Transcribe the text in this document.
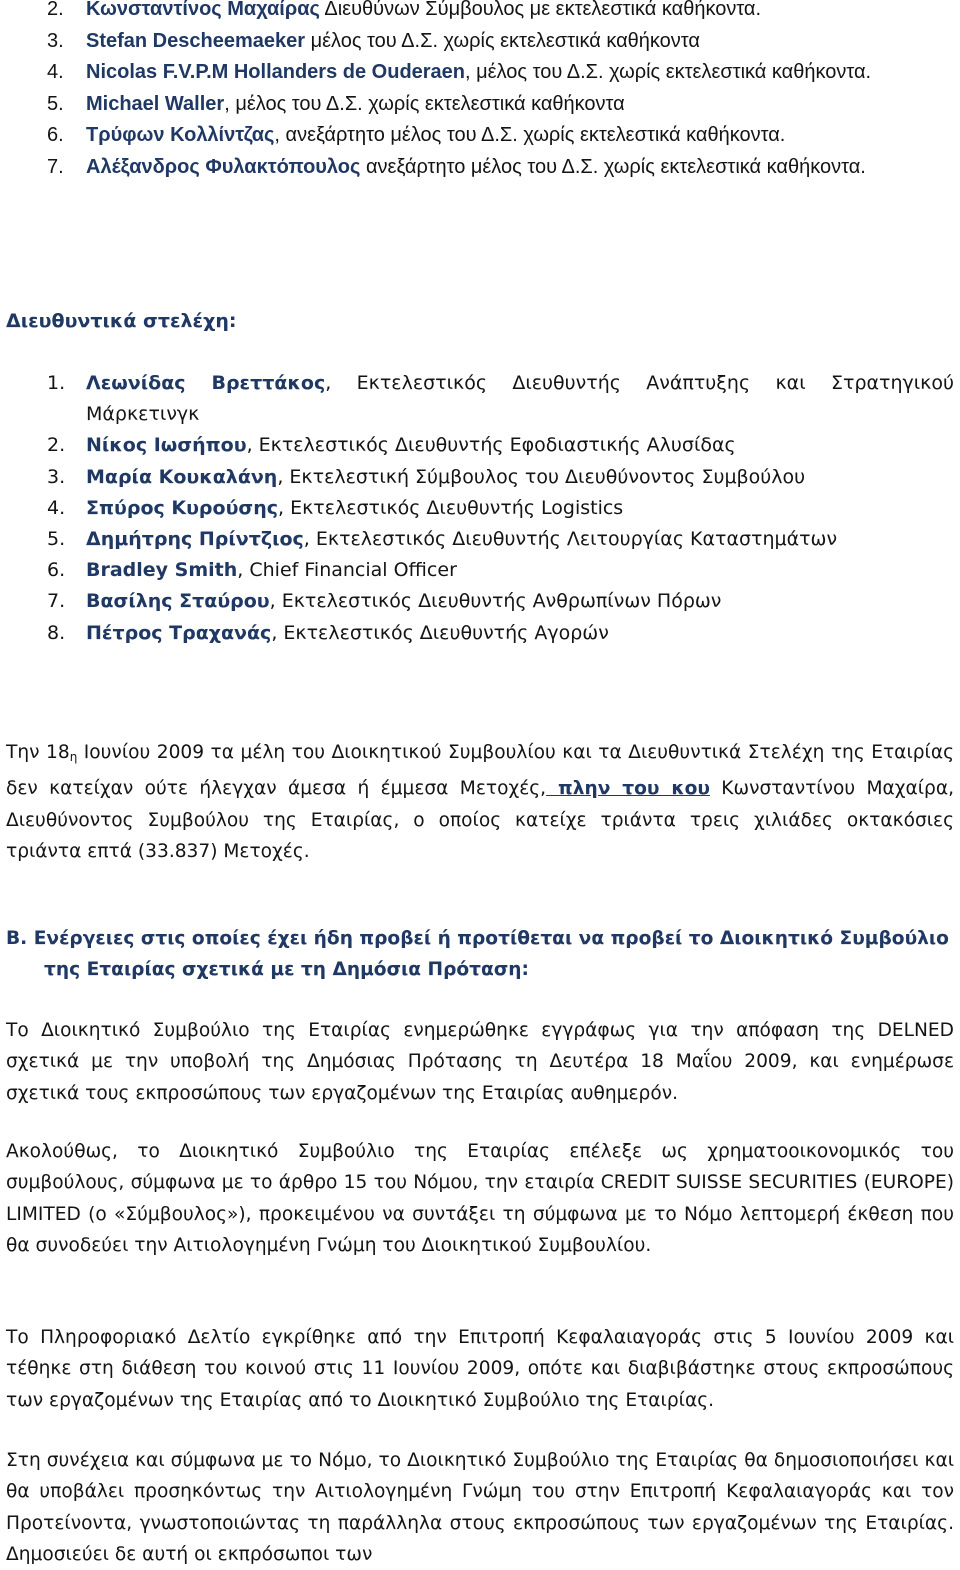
2. Κωνσταντίνος Μαχαίρας Διευθύνων Σύμβουλος με εκτελεστικά καθήκοντα.
3. Stefan Descheemaeker μέλος του Δ.Σ. χωρίς εκτελεστικά καθήκοντα
4. Nicolas F.V.P.M Hollanders de Ouderaen, μέλος του Δ.Σ. χωρίς εκτελεστικά καθήκοντα.
5. Michael Waller, μέλος του Δ.Σ. χωρίς εκτελεστικά καθήκοντα
6. Τρύφων Κολλίντζας, ανεξάρτητο μέλος του Δ.Σ. χωρίς εκτελεστικά καθήκοντα.
7. Αλέξανδρος Φυλακτόπουλος ανεξάρτητο μέλος του Δ.Σ. χωρίς εκτελεστικά καθήκοντα.
Διευθυντικά στελέχη:
1. Λεωνίδας Βρεττάκος, Εκτελεστικός Διευθυντής Ανάπτυξης και Στρατηγικού Μάρκετινγκ
2. Νίκος Ιωσήπου, Εκτελεστικός Διευθυντής Εφοδιαστικής Αλυσίδας
3. Μαρία Κουκαλάνη, Εκτελεστική Σύμβουλος του Διευθύνοντος Συμβούλου
4. Σπύρος Κυρούσης, Εκτελεστικός Διευθυντής Logistics
5. Δημήτρης Πρίντζιος, Εκτελεστικός Διευθυντής Λειτουργίας Καταστημάτων
6. Bradley Smith, Chief Financial Officer
7. Βασίλης Σταύρου, Εκτελεστικός Διευθυντής Ανθρωπίνων Πόρων
8. Πέτρος Τραχανάς, Εκτελεστικός Διευθυντής Αγορών
Την $18_\eta$ Ιουνίου 2009 τα μέλη του Διοικητικού Συμβουλίου και τα Διευθυντικά Στελέχη της Εταιρίας δεν κατείχαν ούτε ήλεγχαν άμεσα ή έμμεσα Μετοχές, πλην του κου Κωνσταντίνου Μαχαίρα, Διευθύνοντος Συμβούλου της Εταιρίας, ο οποίος κατείχε τριάντα τρεις χιλιάδες οκτακόσιες τριάντα επτά (33.837) Μετοχές.
B. Ενέργειες στις οποίες έχει ήδη προβεί ή προτίθεται να προβεί το Διοικητικό Συμβούλιο
της Εταιρίας σχετικά με τη Δημόσια Πρόταση:
Το Διοικητικό Συμβούλιο της Εταιρίας ενημερώθηκε εγγράφως για την απόφαση της DELNED σχετικά με την υποβολή της Δημόσιας Πρότασης τη Δευτέρα 18 Μαΐου 2009, και ενημέρωσε σχετικά τους εκπροσώπους των εργαζομένων της Εταιρίας αυθημερόν.
Ακολούθως, το Διοικητικό Συμβούλιο της Εταιρίας επέλεξε ως χρηματοοικονομικός του συμβούλους, σύμφωνα με το άρθρο 15 του Νόμου, την εταιρία CREDIT SUISSE SECURITIES (EUROPE) LIMITED (ο «Σύμβουλος»), προκειμένου να συντάξει τη σύμφωνα με το Νόμο λεπτομερή έκθεση που θα συνοδεύει την Αιτιολογημένη Γνώμη του Διοικητικού Συμβουλίου.
Το Πληροφοριακό Δελτίο εγκρίθηκε από την Επιτροπή Κεφαλαιαγοράς στις 5 Ιουνίου 2009 και τέθηκε στη διάθεση του κοινού στις 11 Ιουνίου 2009, οπότε και διαβιβάστηκε στους εκπροσώπους των εργαζομένων της Εταιρίας από το Διοικητικό Συμβούλιο της Εταιρίας.
Στη συνέχεια και σύμφωνα με το Νόμο, το Διοικητικό Συμβούλιο της Εταιρίας θα δημοσιοποιήσει και θα υποβάλει προσηκόντως την Αιτιολογημένη Γνώμη του στην Επιτροπή Κεφαλαιαγοράς και τον Προτείνοντα, γνωστοποιώντας τη παράλληλα στους εκπροσώπους των εργαζομένων της Εταιρίας. Δημοσιεύει δε αυτή οι εκπρόσωποι των
